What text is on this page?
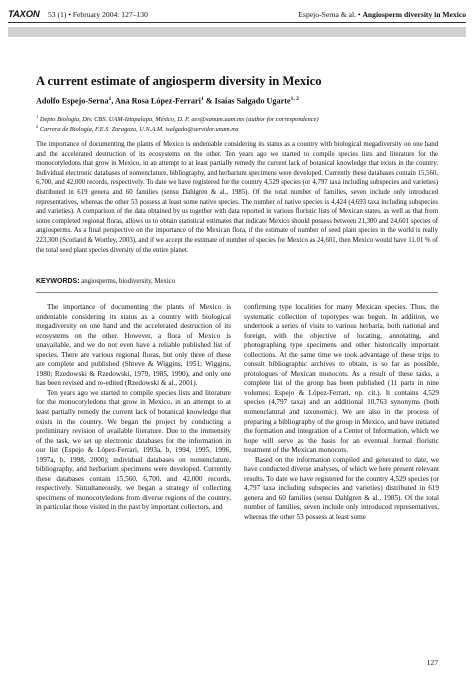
TAXON 53 (1) • February 2004: 127–130	Espejo-Serna & al. • Angiosperm diversity in Mexico
A current estimate of angiosperm diversity in Mexico
Adolfo Espejo-Serna$^1$, Ana Rosa López-Ferrari$^1$ & Isaías Salgado Ugarte$^{1, 2}$
$^1$ Depto Biología, Div. CBS. UAM-Iztapalapa, México, D. F. aes@xanum.uam.mx (author for correspondence)
$^2$ Carrera de Biología, F.E.S. Zaragoza, U.N.A.M. isalgado@servidor.unam.mx

The importance of documenting the plants of Mexico is undeniable considering its status as a country with biological megadiversity on one hand and the accelerated destruction of its ecosystems on the other. Ten years ago we started to compile species lists and literature for the monocotyledons that grow in Mexico, in an attempt to at least partially remedy the current lack of botanical knowledge that exists in the country. Individual electronic databases of nomenclature, bibliography, and herbarium specimens were developed. Currently these databases contain 15,560, 6,700, and 42,000 records, respectively. To date we have registered for the country 4,529 species (or 4,797 taxa including subspecies and varieties) distributed in 619 genera and 60 families (sensu Dahlgren & al., 1985). Of the total number of families, seven include only introduced representatives, whereas the other 53 possess at least some native species. The number of native species is 4,424 (4,693 taxa including subspecies and varieties). A comparison of the data obtained by us together with data reported in various floristic lists of Mexican states, as well as that from some completed regional floras, allows us to obtain statistical estimates that indicate Mexico should possess between 21,300 and 24,601 species of angiosperms. As a final perspective on the importance of the Mexican flora, if the estimate of number of seed plant species in the world is really 223,300 (Scotland & Wortley, 2003), and if we accept the estimate of number of species for Mexico as 24,601, then Mexico would have 11.01 % of the total seed plant species diversity of the entire planet.

KEYWORDS: angiosperms, biodiversity, Mexico

The importance of documenting the plants of Mexico is undeniable considering its status as a country with biological megadiversity on one hand and the accelerated destruction of its ecosystems on the other. However, a flora of Mexico is unavailable, and we do not even have a reliable published list of species. There are various regional floras, but only three of these are complete and published (Shreve & Wiggins, 1951; Wiggins, 1980; Rzedowski & Rzedowski, 1979, 1985, 1990), and only one has been revised and re-edited (Rzedowski & al., 2001).

Ten years ago we started to compile species lists and literature for the monocotyledons that grow in Mexico, in an attempt to at least partially remedy the current lack of botanical knowledge that exists in the country. We began the project by conducting a preliminary revision of available literature. Due to the immensity of the task, we set up electronic databases for the information in our list (Espejo & López-Ferrari, 1993a, b, 1994, 1995, 1996, 1997a, b, 1998, 2000); individual databases on nomenclature, bibliography, and herbarium specimens were developed. Currently these databases contain 15,560, 6,700, and 42,000 records, respectively. Simultaneously, we began a strategy of collecting specimens of monocotyledons from diverse regions of the country, in particular those visited in the past by important collectors, and

confirming type localities for many Mexican species. Thus, the systematic collection of topotypes was begun. In addition, we undertook a series of visits to various herbaria, both national and foreign, with the objective of locating, annotating, and photographing type specimens and other historically important collections. At the same time we took advantage of these trips to consult bibliographic archives to obtain, is so far as possible, protologues of Mexican monocots. As a result of these tasks, a complete list of the group has been published (11 parts in nine volumes; Espejo & López-Ferrari, op. cit.). It contains 4,529 species (4,797 taxa) and an additional 10,763 synonyms (both nomenclatural and taxonomic). We are also in the process of preparing a bibliography of the group in Mexico, and have initiated the formation and integration of a Center of Information, which we hope will serve as the basis for an eventual formal floristic treatment of the Mexican monocots.

Based on the information compiled and generated to date, we have conducted diverse analyses, of which we here present relevant results. To date we have registered for the country 4,529 species (or 4,797 taxa including subspecies and varieties) distributed in 619 genera and 60 families (sensu Dahlgren & al., 1985). Of the total number of families, seven include only introduced representatives, whereas the other 53 possess at least some

127
